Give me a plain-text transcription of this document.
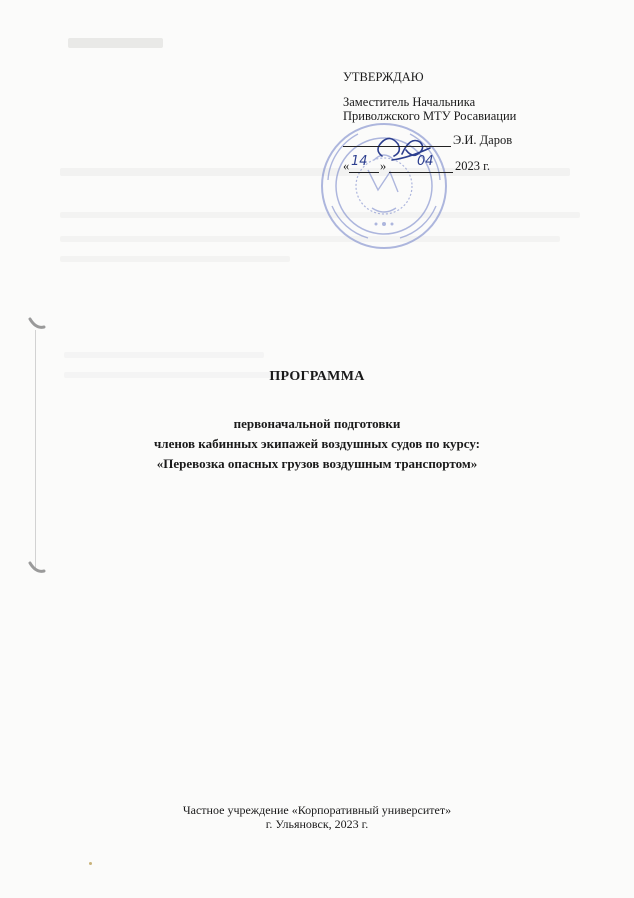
УТВЕРЖДАЮ
Заместитель Начальника
Приволжского МТУ Росавиации
Э.И. Даров
« 14 » 04 2023 г.
ПРОГРАММА
первоначальной подготовки
членов кабинных экипажей воздушных судов по курсу:
«Перевозка опасных грузов воздушным транспортом»
Частное учреждение «Корпоративный университет»
г. Ульяновск, 2023 г.
